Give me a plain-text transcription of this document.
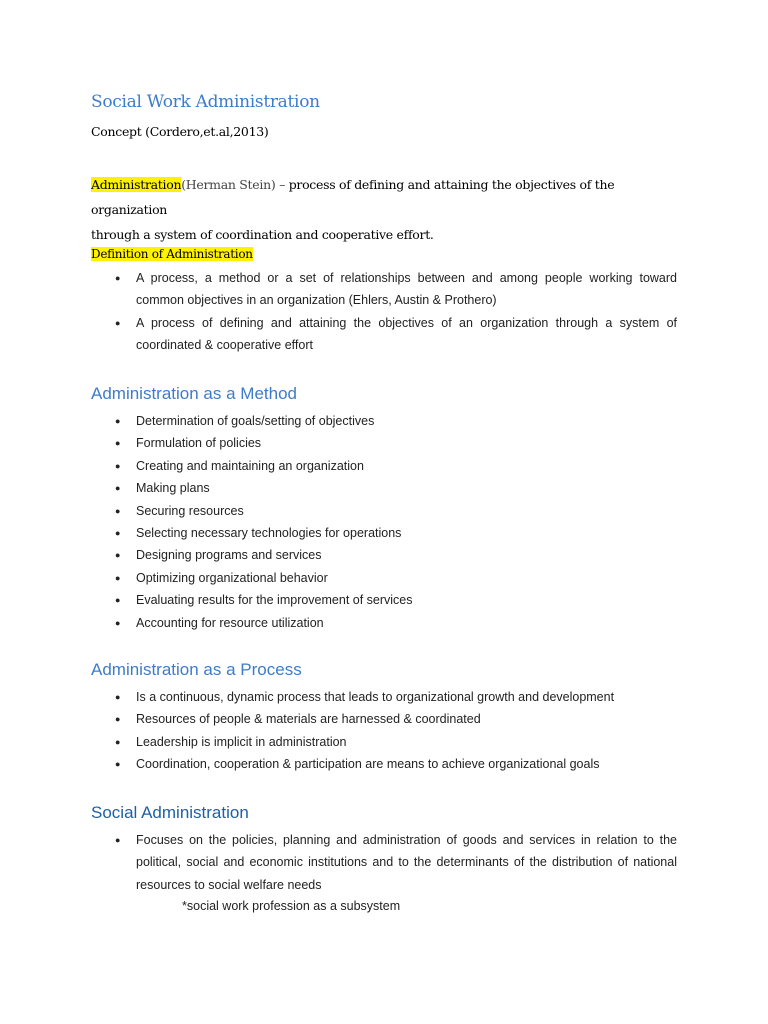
Social Work Administration
Concept (Cordero,et.al,2013)
Administration(Herman Stein) – process of defining and attaining the objectives of the organization
through a system of coordination and cooperative effort.
Definition of Administration
● A process, a method or a set of relationships between and among people working toward common objectives in an organization (Ehlers, Austin & Prothero)
● A process of defining and attaining the objectives of an organization through a system of coordinated & cooperative effort
Administration as a Method
● Determination of goals/setting of objectives
● Formulation of policies
● Creating and maintaining an organization
● Making plans
● Securing resources
● Selecting necessary technologies for operations
● Designing programs and services
● Optimizing organizational behavior
● Evaluating results for the improvement of services
● Accounting for resource utilization
Administration as a Process
● Is a continuous, dynamic process that leads to organizational growth and development
● Resources of people & materials are harnessed & coordinated
● Leadership is implicit in administration
● Coordination, cooperation & participation are means to achieve organizational goals
Social Administration
● Focuses on the policies, planning and administration of goods and services in relation to the political, social and economic institutions and to the determinants of the distribution of national resources to social welfare needs
*social work profession as a subsystem
